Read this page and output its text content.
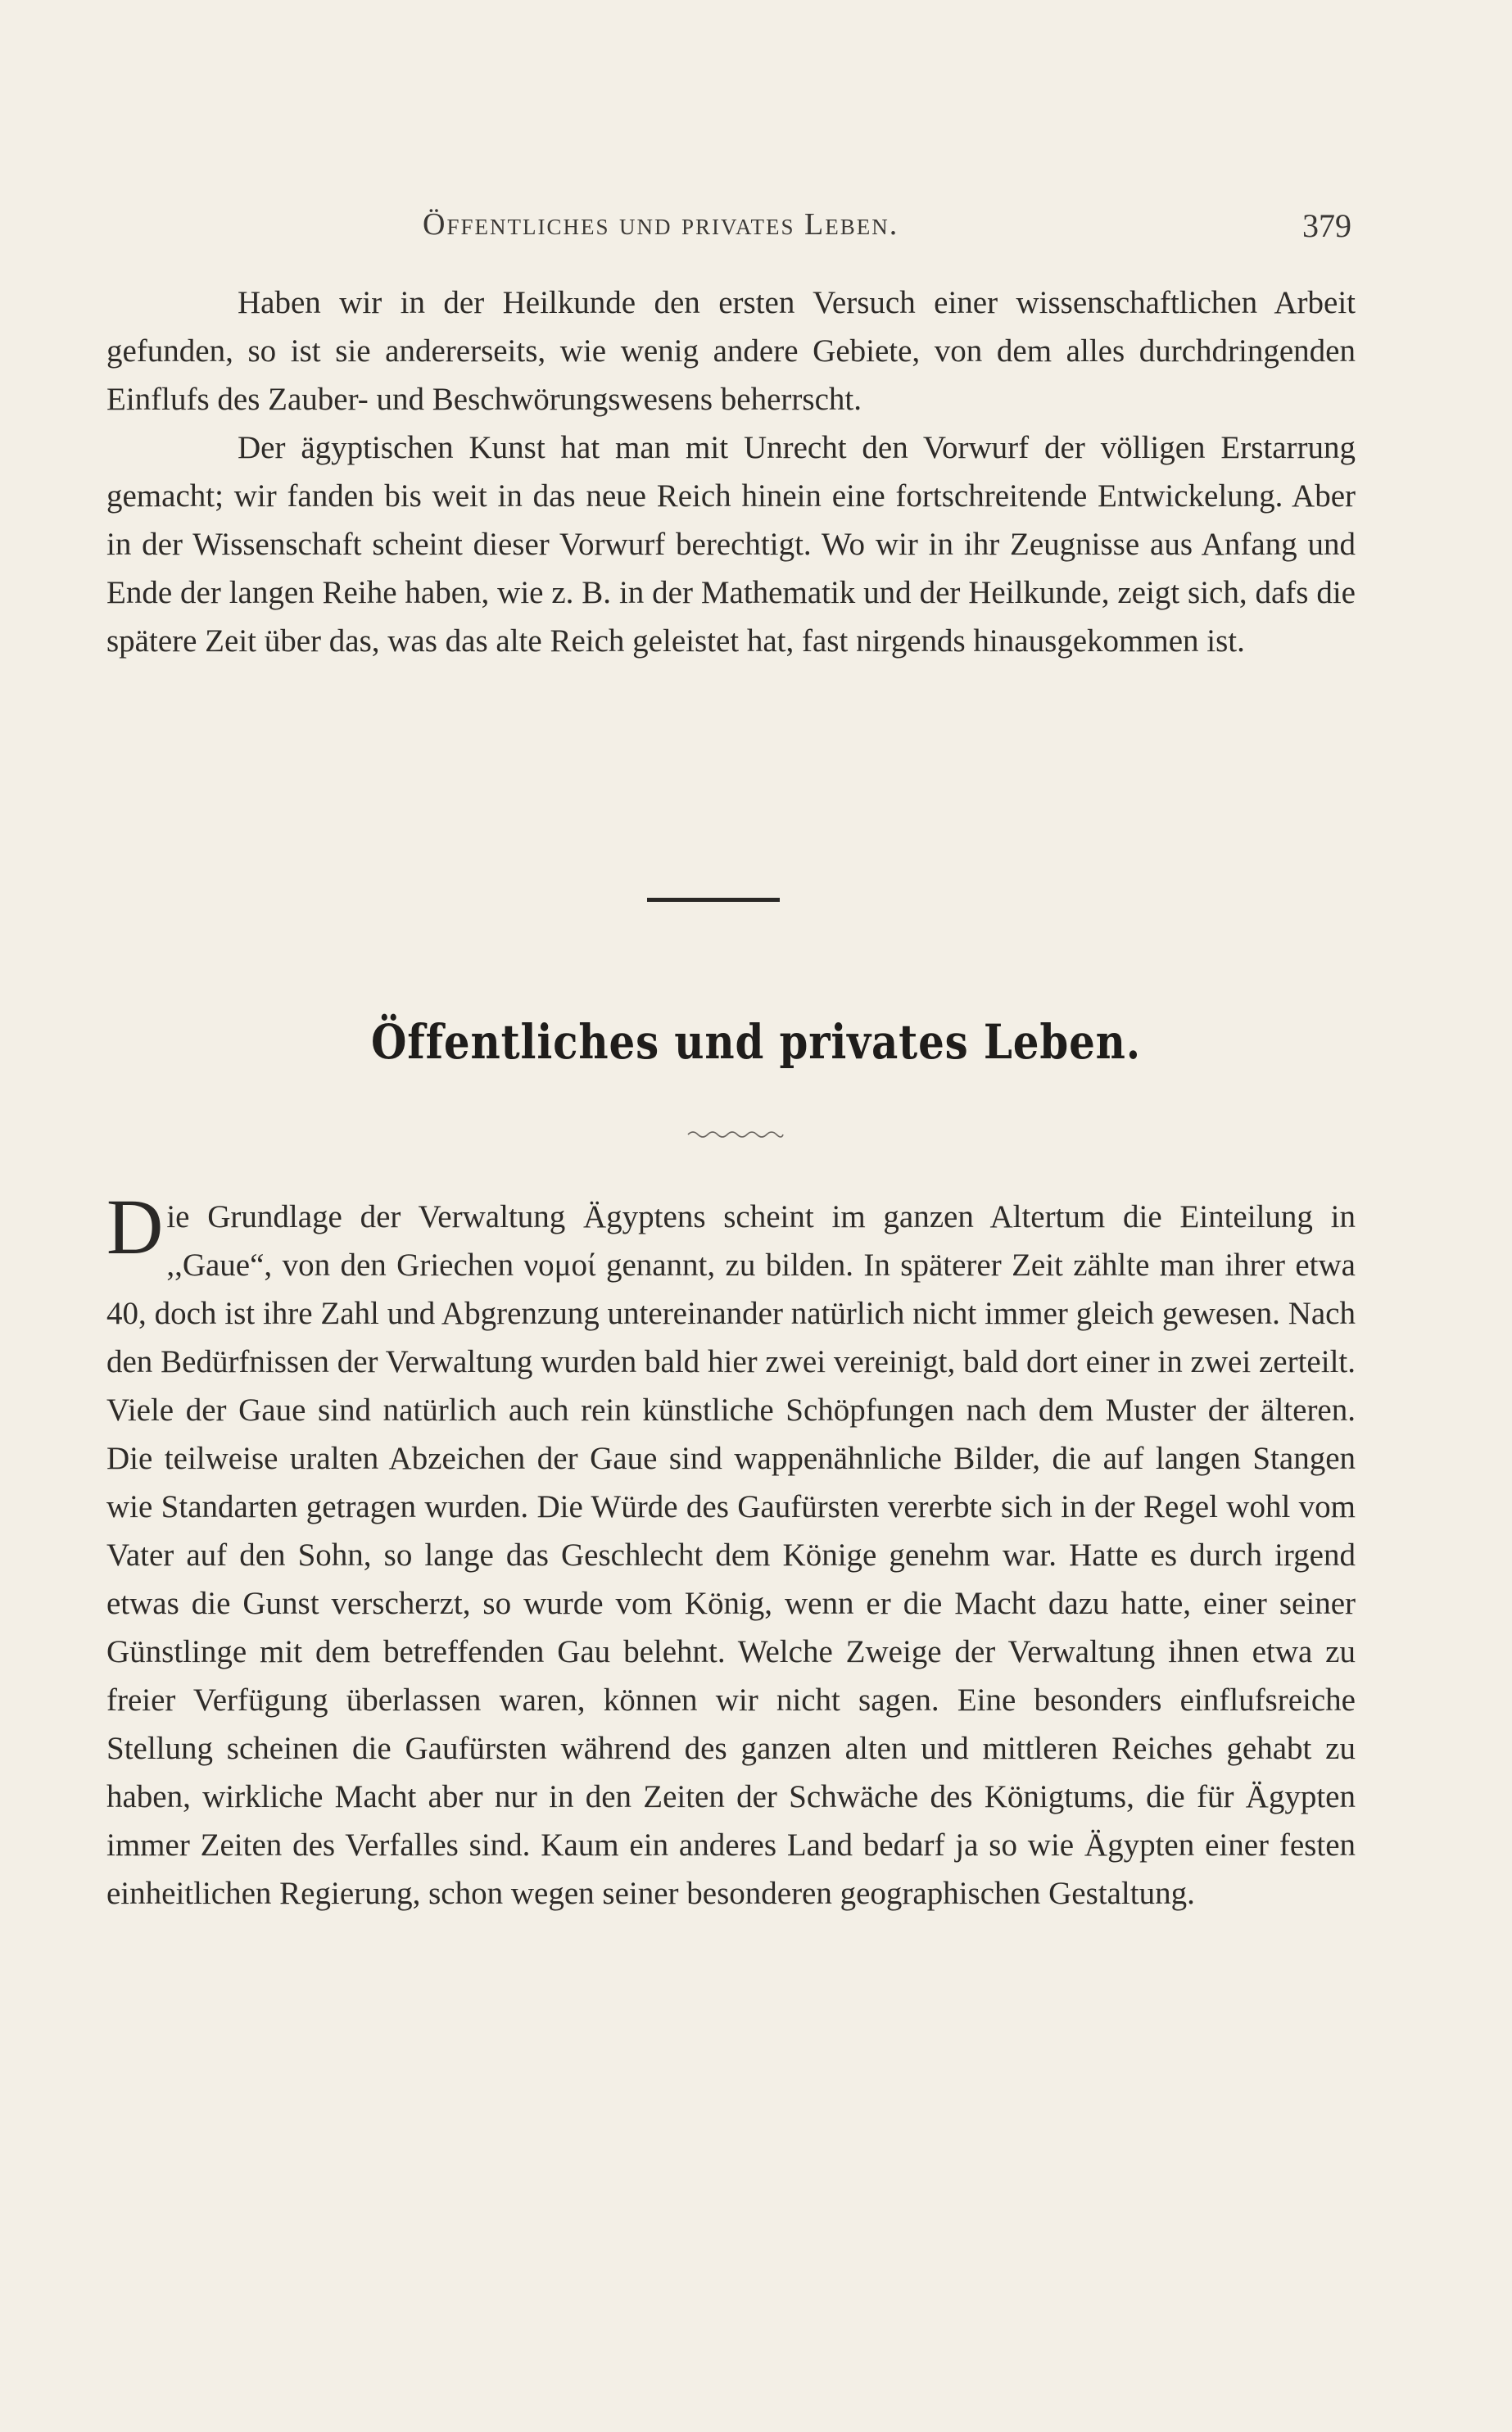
Öffentliches und privates Leben.	379

Haben wir in der Heilkunde den ersten Versuch einer wissenschaftlichen Arbeit gefunden, so ist sie andererseits, wie wenig andere Gebiete, von dem alles durchdringenden Einflufs des Zauber- und Beschwörungswesens beherrscht.

Der ägyptischen Kunst hat man mit Unrecht den Vorwurf der völligen Erstarrung gemacht; wir fanden bis weit in das neue Reich hinein eine fortschreitende Entwickelung. Aber in der Wissenschaft scheint dieser Vorwurf berechtigt. Wo wir in ihr Zeugnisse aus Anfang und Ende der langen Reihe haben, wie z. B. in der Mathematik und der Heilkunde, zeigt sich, dafs die spätere Zeit über das, was das alte Reich geleistet hat, fast nirgends hinausgekommen ist.

Öffentliches und privates Leben.

D ie Grundlage der Verwaltung Ägyptens scheint im ganzen Altertum die Einteilung in ,,Gaue“, von den Griechen νομοί genannt, zu bilden. In späterer Zeit zählte man ihrer etwa 40, doch ist ihre Zahl und Abgrenzung untereinander natürlich nicht immer gleich gewesen. Nach den Bedürfnissen der Verwaltung wurden bald hier zwei vereinigt, bald dort einer in zwei zerteilt. Viele der Gaue sind natürlich auch rein künstliche Schöpfungen nach dem Muster der älteren. Die teilweise uralten Abzeichen der Gaue sind wappenähnliche Bilder, die auf langen Stangen wie Standarten getragen wurden. Die Würde des Gaufürsten vererbte sich in der Regel wohl vom Vater auf den Sohn, so lange das Geschlecht dem Könige genehm war. Hatte es durch irgend etwas die Gunst verscherzt, so wurde vom König, wenn er die Macht dazu hatte, einer seiner Günstlinge mit dem betreffenden Gau belehnt. Welche Zweige der Verwaltung ihnen etwa zu freier Verfügung überlassen waren, können wir nicht sagen. Eine besonders einflufsreiche Stellung scheinen die Gaufürsten während des ganzen alten und mittleren Reiches gehabt zu haben, wirkliche Macht aber nur in den Zeiten der Schwäche des Königtums, die für Ägypten immer Zeiten des Verfalles sind. Kaum ein anderes Land bedarf ja so wie Ägypten einer festen einheitlichen Regierung, schon wegen seiner besonderen geographischen Gestaltung.
